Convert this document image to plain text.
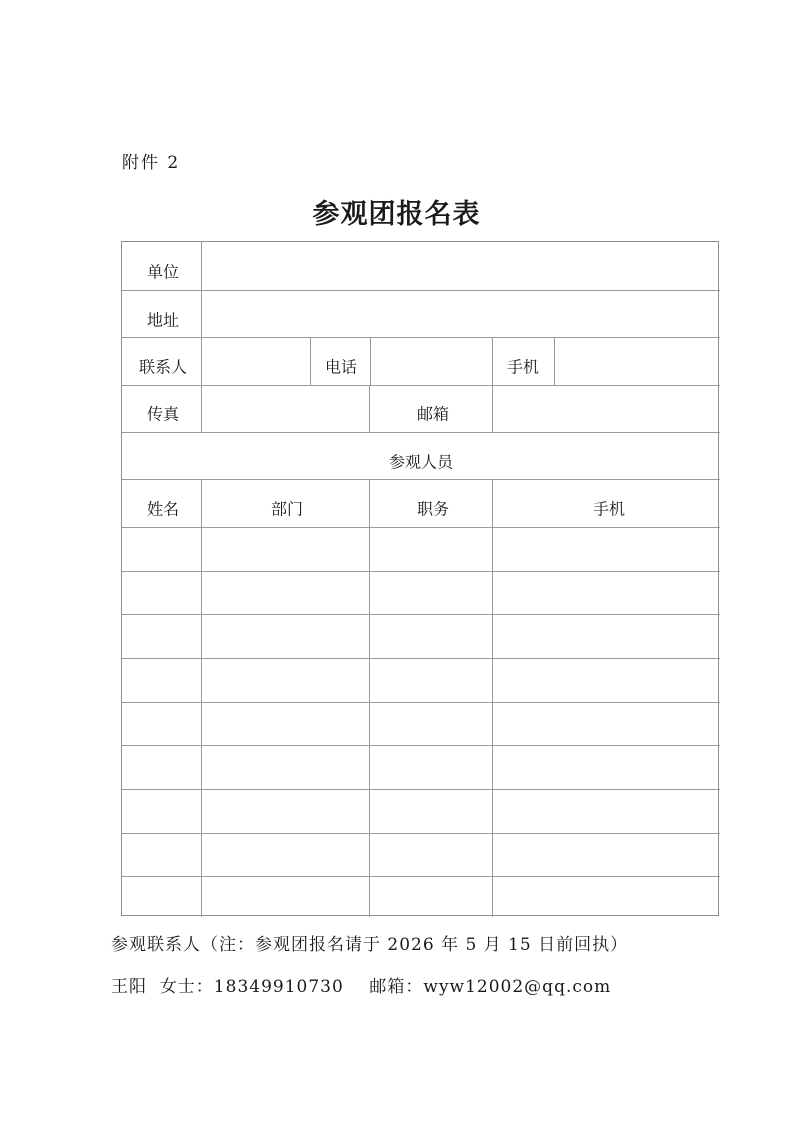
附件 2
参观团报名表
单位
地址
联系人	电话	手机
传真	邮箱
参观人员
姓名	部门	职务	手机
参观联系人（注：参观团报名请于 2026 年 5 月 15 日前回执）
王阳  女士：18349910730    邮箱：wyw12002@qq.com
